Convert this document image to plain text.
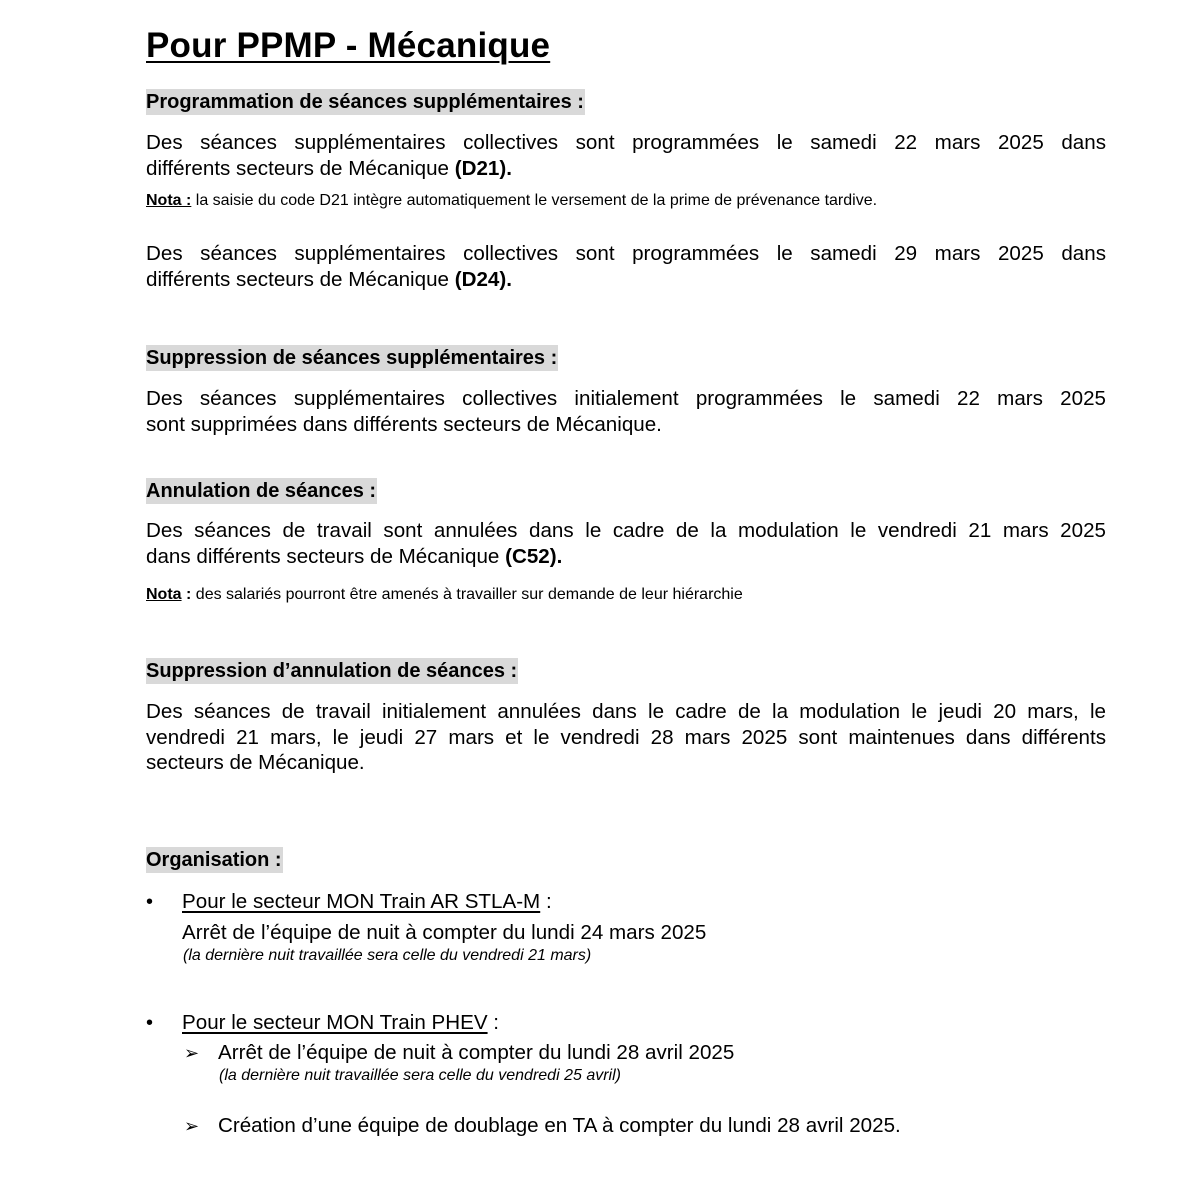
Pour PPMP - Mécanique
Programmation de séances supplémentaires :

Des séances supplémentaires collectives sont programmées le samedi 22 mars 2025 dans
différents secteurs de Mécanique (D21).

Nota : la saisie du code D21 intègre automatiquement le versement de la prime de prévenance tardive.

Des séances supplémentaires collectives sont programmées le samedi 29 mars 2025 dans
différents secteurs de Mécanique (D24).

Suppression de séances supplémentaires :

Des séances supplémentaires collectives initialement programmées le samedi 22 mars 2025
sont supprimées dans différents secteurs de Mécanique.

Annulation de séances :

Des séances de travail sont annulées dans le cadre de la modulation le vendredi 21 mars 2025
dans différents secteurs de Mécanique (C52).

Nota : des salariés pourront être amenés à travailler sur demande de leur hiérarchie

Suppression d’annulation de séances :

Des séances de travail initialement annulées dans le cadre de la modulation le jeudi 20 mars, le
vendredi 21 mars, le jeudi 27 mars et le vendredi 28 mars 2025 sont maintenues dans différents
secteurs de Mécanique.

Organisation :
• Pour le secteur MON Train AR STLA-M :
Arrêt de l’équipe de nuit à compter du lundi 24 mars 2025
(la dernière nuit travaillée sera celle du vendredi 21 mars)
• Pour le secteur MON Train PHEV :
➢ Arrêt de l’équipe de nuit à compter du lundi 28 avril 2025
(la dernière nuit travaillée sera celle du vendredi 25 avril)
➢ Création d’une équipe de doublage en TA à compter du lundi 28 avril 2025.
